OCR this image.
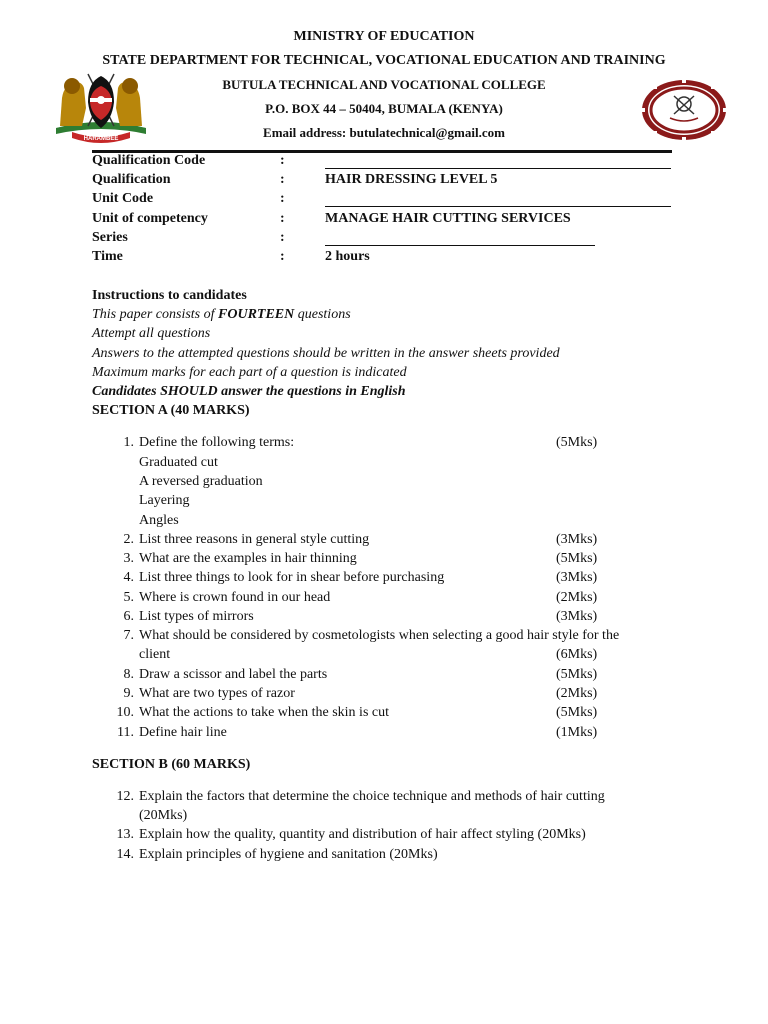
MINISTRY OF EDUCATION
STATE DEPARTMENT FOR TECHNICAL, VOCATIONAL EDUCATION AND TRAINING
BUTULA TECHNICAL AND VOCATIONAL COLLEGE
P.O. BOX 44 – 50404, BUMALA (KENYA)
Email address: butulatechnical@gmail.com
HARAMBEE
Qualification Code	:
Qualification	:	HAIR DRESSING LEVEL 5
Unit Code	:
Unit of competency	:	MANAGE HAIR CUTTING SERVICES
Series	:
Time	:	2 hours
Instructions to candidates
This paper consists of FOURTEEN questions
Attempt all questions
Answers to the attempted questions should be written in the answer sheets provided
Maximum marks for each part of a question is indicated
Candidates SHOULD answer the questions in English
SECTION A (40 MARKS)
1. Define the following terms:	(5Mks)
Graduated cut
A reversed graduation
Layering
Angles
2. List three reasons in general style cutting	(3Mks)
3. What are the examples in hair thinning	(5Mks)
4. List three things to look for in shear before purchasing	(3Mks)
5. Where is crown found in our head	(2Mks)
6. List types of mirrors	(3Mks)
7. What should be considered by cosmetologists when selecting a good hair style for the
client	(6Mks)
8. Draw a scissor and label the parts	(5Mks)
9. What are two types of razor	(2Mks)
10. What the actions to take when the skin is cut	(5Mks)
11. Define hair line	(1Mks)
SECTION B (60 MARKS)
12. Explain the factors that determine the choice technique and methods of hair cutting
(20Mks)
13. Explain how the quality, quantity and distribution of hair affect styling (20Mks)
14. Explain principles of hygiene and sanitation (20Mks)
